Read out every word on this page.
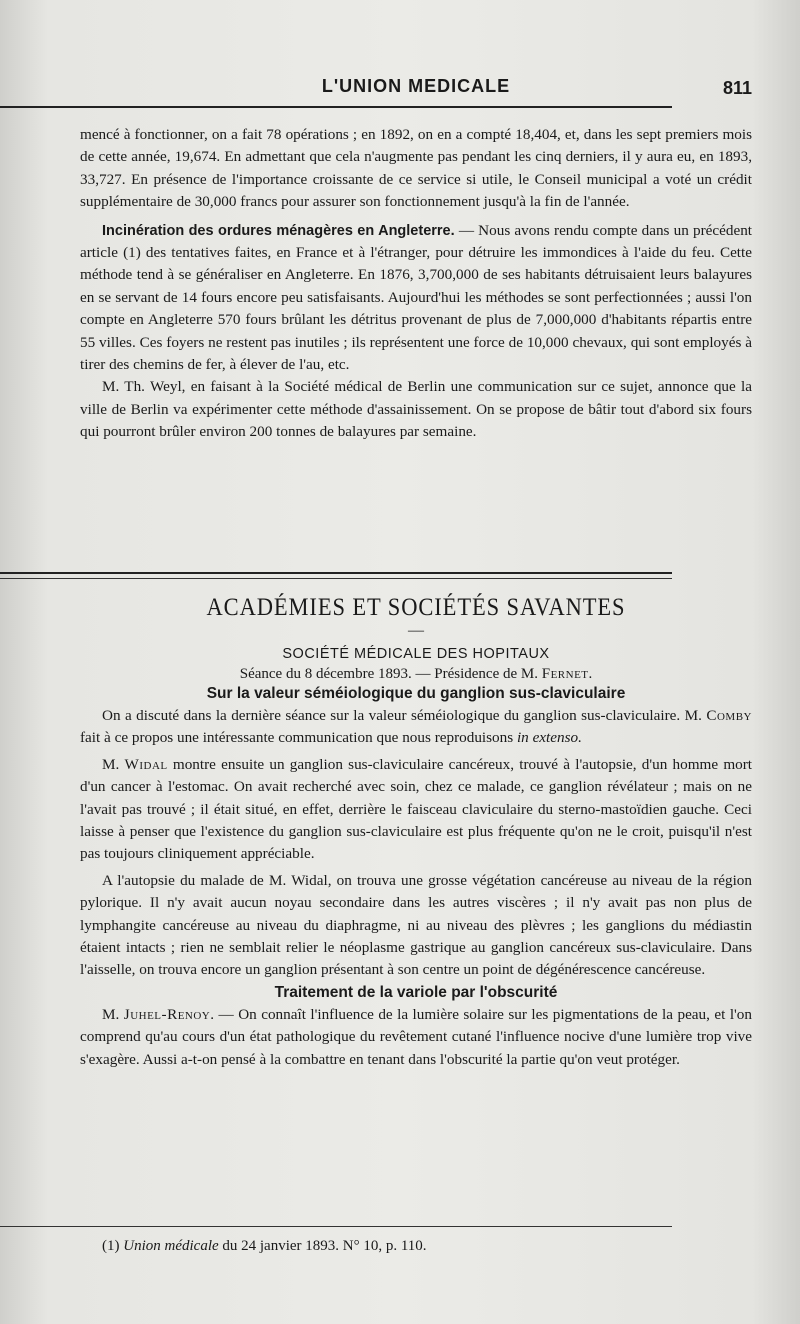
L'UNION MEDICALE	811

mencé à fonctionner, on a fait 78 opérations ; en 1892, on en a compté 18,404, et, dans les sept premiers mois de cette année, 19,674. En admettant que cela n'augmente pas pendant les cinq derniers, il y aura eu, en 1893, 33,727. En présence de l'importance croissante de ce service si utile, le Conseil municipal a voté un crédit supplémentaire de 30,000 francs pour assurer son fonctionnement jusqu'à la fin de l'année.

Incinération des ordures ménagères en Angleterre. — Nous avons rendu compte dans un précédent article (1) des tentatives faites, en France et à l'étranger, pour détruire les immondices à l'aide du feu. Cette méthode tend à se généraliser en Angleterre. En 1876, 3,700,000 de ses habitants détruisaient leurs balayures en se servant de 14 fours encore peu satisfaisants. Aujourd'hui les méthodes se sont perfectionnées ; aussi l'on compte en Angleterre 570 fours brûlant les détritus provenant de plus de 7,000,000 d'habitants répartis entre 55 villes. Ces foyers ne restent pas inutiles ; ils représentent une force de 10,000 chevaux, qui sont employés à tirer des chemins de fer, à élever de l'au, etc.

M. Th. Weyl, en faisant à la Société médical de Berlin une communication sur ce sujet, annonce que la ville de Berlin va expérimenter cette méthode d'assainissement. On se propose de bâtir tout d'abord six fours qui pourront brûler environ 200 tonnes de balayures par semaine.

ACADÉMIES ET SOCIÉTÉS SAVANTES
—
SOCIÉTÉ MÉDICALE DES HOPITAUX
Séance du 8 décembre 1893. — Présidence de M. Fernet.
Sur la valeur séméiologique du ganglion sus-claviculaire

On a discuté dans la dernière séance sur la valeur séméiologique du ganglion sus-claviculaire. M. Comby fait à ce propos une intéressante communication que nous reproduisons in extenso.

M. Widal montre ensuite un ganglion sus-claviculaire cancéreux, trouvé à l'autopsie, d'un homme mort d'un cancer à l'estomac. On avait recherché avec soin, chez ce malade, ce ganglion révélateur ; mais on ne l'avait pas trouvé ; il était situé, en effet, derrière le faisceau claviculaire du sterno-mastoïdien gauche. Ceci laisse à penser que l'existence du ganglion sus-claviculaire est plus fréquente qu'on ne le croit, puisqu'il n'est pas toujours cliniquement appréciable.

A l'autopsie du malade de M. Widal, on trouva une grosse végétation cancéreuse au niveau de la région pylorique. Il n'y avait aucun noyau secondaire dans les autres viscères ; il n'y avait pas non plus de lymphangite cancéreuse au niveau du diaphragme, ni au niveau des plèvres ; les ganglions du médiastin étaient intacts ; rien ne semblait relier le néoplasme gastrique au ganglion cancéreux sus-claviculaire. Dans l'aisselle, on trouva encore un ganglion présentant à son centre un point de dégénérescence cancéreuse.

Traitement de la variole par l'obscurité

M. Juhel-Renoy. — On connaît l'influence de la lumière solaire sur les pigmentations de la peau, et l'on comprend qu'au cours d'un état pathologique du revêtement cutané l'influence nocive d'une lumière trop vive s'exagère. Aussi a-t-on pensé à la combattre en tenant dans l'obscurité la partie qu'on veut protéger.

(1) Union médicale du 24 janvier 1893. N° 10, p. 110.
